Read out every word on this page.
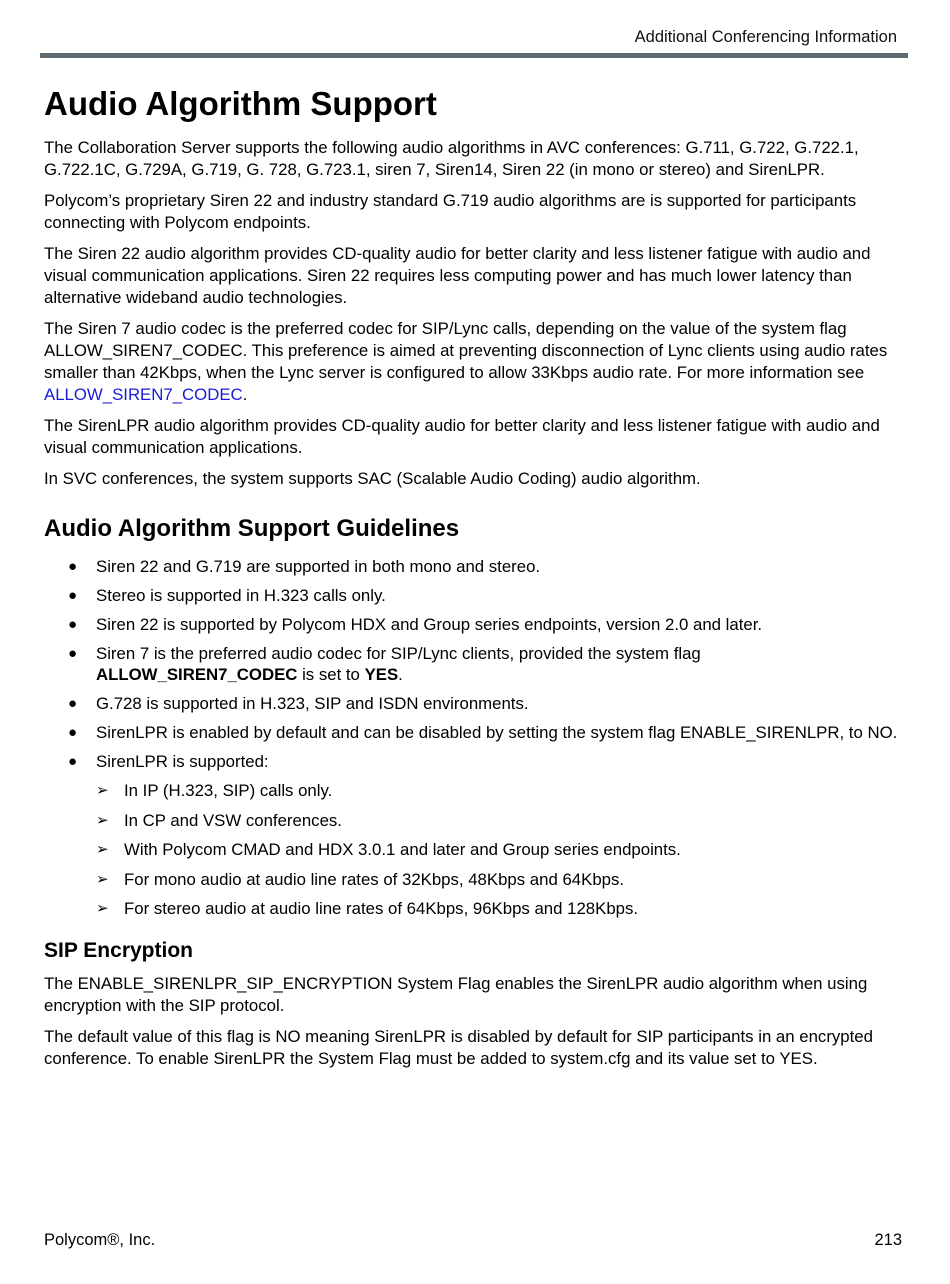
Additional Conferencing Information
Audio Algorithm Support

The Collaboration Server supports the following audio algorithms in AVC conferences: G.711, G.722, G.722.1, G.722.1C, G.729A, G.719, G. 728, G.723.1, siren 7, Siren14, Siren 22 (in mono or stereo) and SirenLPR.

Polycom’s proprietary Siren 22 and industry standard G.719 audio algorithms are is supported for participants connecting with Polycom endpoints.

The Siren 22 audio algorithm provides CD-quality audio for better clarity and less listener fatigue with audio and visual communication applications. Siren 22 requires less computing power and has much lower latency than alternative wideband audio technologies.

The Siren 7 audio codec is the preferred codec for SIP/Lync calls, depending on the value of the system flag ALLOW_SIREN7_CODEC. This preference is aimed at preventing disconnection of Lync clients using audio rates smaller than 42Kbps, when the Lync server is configured to allow 33Kbps audio rate. For more information see ALLOW_SIREN7_CODEC.

The SirenLPR audio algorithm provides CD-quality audio for better clarity and less listener fatigue with audio and visual communication applications.

In SVC conferences, the system supports SAC (Scalable Audio Coding) audio algorithm.

Audio Algorithm Support Guidelines
● Siren 22 and G.719 are supported in both mono and stereo.
● Stereo is supported in H.323 calls only.
● Siren 22 is supported by Polycom HDX and Group series endpoints, version 2.0 and later.
● Siren 7 is the preferred audio codec for SIP/Lync clients, provided the system flag ALLOW_SIREN7_CODEC is set to YES.
● G.728 is supported in H.323, SIP and ISDN environments.
● SirenLPR is enabled by default and can be disabled by setting the system flag ENABLE_SIRENLPR, to NO.
● SirenLPR is supported:
➢ In IP (H.323, SIP) calls only.
➢ In CP and VSW conferences.
➢ With Polycom CMAD and HDX 3.0.1 and later and Group series endpoints.
➢ For mono audio at audio line rates of 32Kbps, 48Kbps and 64Kbps.
➢ For stereo audio at audio line rates of 64Kbps, 96Kbps and 128Kbps.
SIP Encryption

The ENABLE_SIRENLPR_SIP_ENCRYPTION System Flag enables the SirenLPR audio algorithm when using encryption with the SIP protocol.

The default value of this flag is NO meaning SirenLPR is disabled by default for SIP participants in an encrypted conference. To enable SirenLPR the System Flag must be added to system.cfg and its value set to YES.

Polycom®, Inc.	213
